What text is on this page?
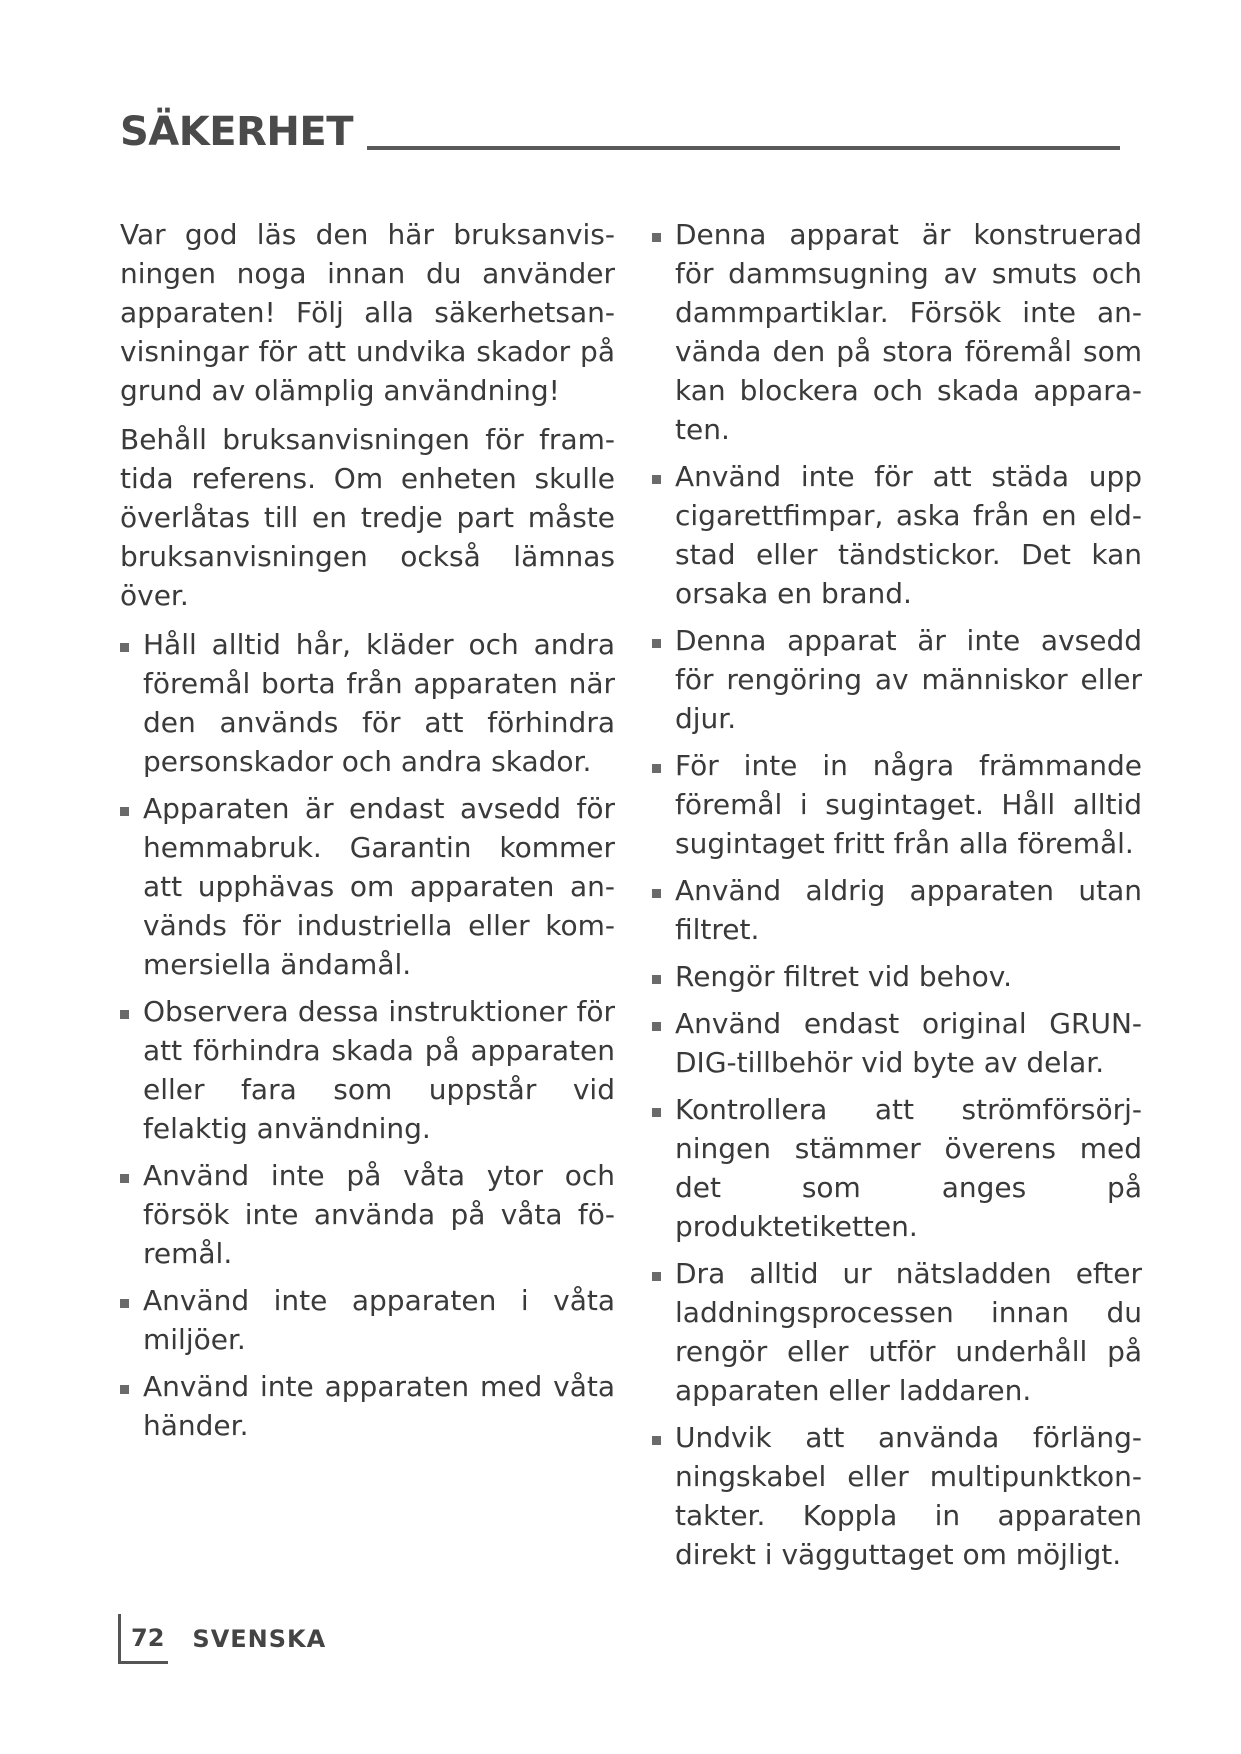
SÄKERHET

Var god läs den här bruksanvisningen noga innan du använder apparaten! Följ alla säkerhetsanvisningar för att undvika skador på grund av olämplig användning!

Behåll bruksanvisningen för framtida referens. Om enheten skulle överlåtas till en tredje part måste bruksanvisningen också lämnas över.

Håll alltid hår, kläder och andra föremål borta från apparaten när den används för att förhindra personskador och andra skador.
Apparaten är endast avsedd för hemmabruk. Garantin kommer att upphävas om apparaten används för industriella eller kommersiella ändamål.
Observera dessa instruktioner för att förhindra skada på apparaten eller fara som uppstår vid felaktig användning.
Använd inte på våta ytor och försök inte använda på våta föremål.
Använd inte apparaten i våta miljöer.
Använd inte apparaten med våta händer.
Denna apparat är konstruerad för dammsugning av smuts och dammpartiklar. Försök inte använda den på stora föremål som kan blockera och skada apparaten.
Använd inte för att städa upp cigarettfimpar, aska från en eldstad eller tändstickor. Det kan orsaka en brand.
Denna apparat är inte avsedd för rengöring av människor eller djur.
För inte in några främmande föremål i sugintaget. Håll alltid sugintaget fritt från alla föremål.
Använd aldrig apparaten utan filtret.
Rengör filtret vid behov.
Använd endast original GRUNDIG-tillbehör vid byte av delar.
Kontrollera att strömförsörjningen stämmer överens med det som anges på produktetiketten.
Dra alltid ur nätsladden efter laddningsprocessen innan du rengör eller utför underhåll på apparaten eller laddaren.
Undvik att använda förlängningskabel eller multipunktkontakter. Koppla in apparaten direkt i vägguttaget om möjligt.
72 SVENSKA
